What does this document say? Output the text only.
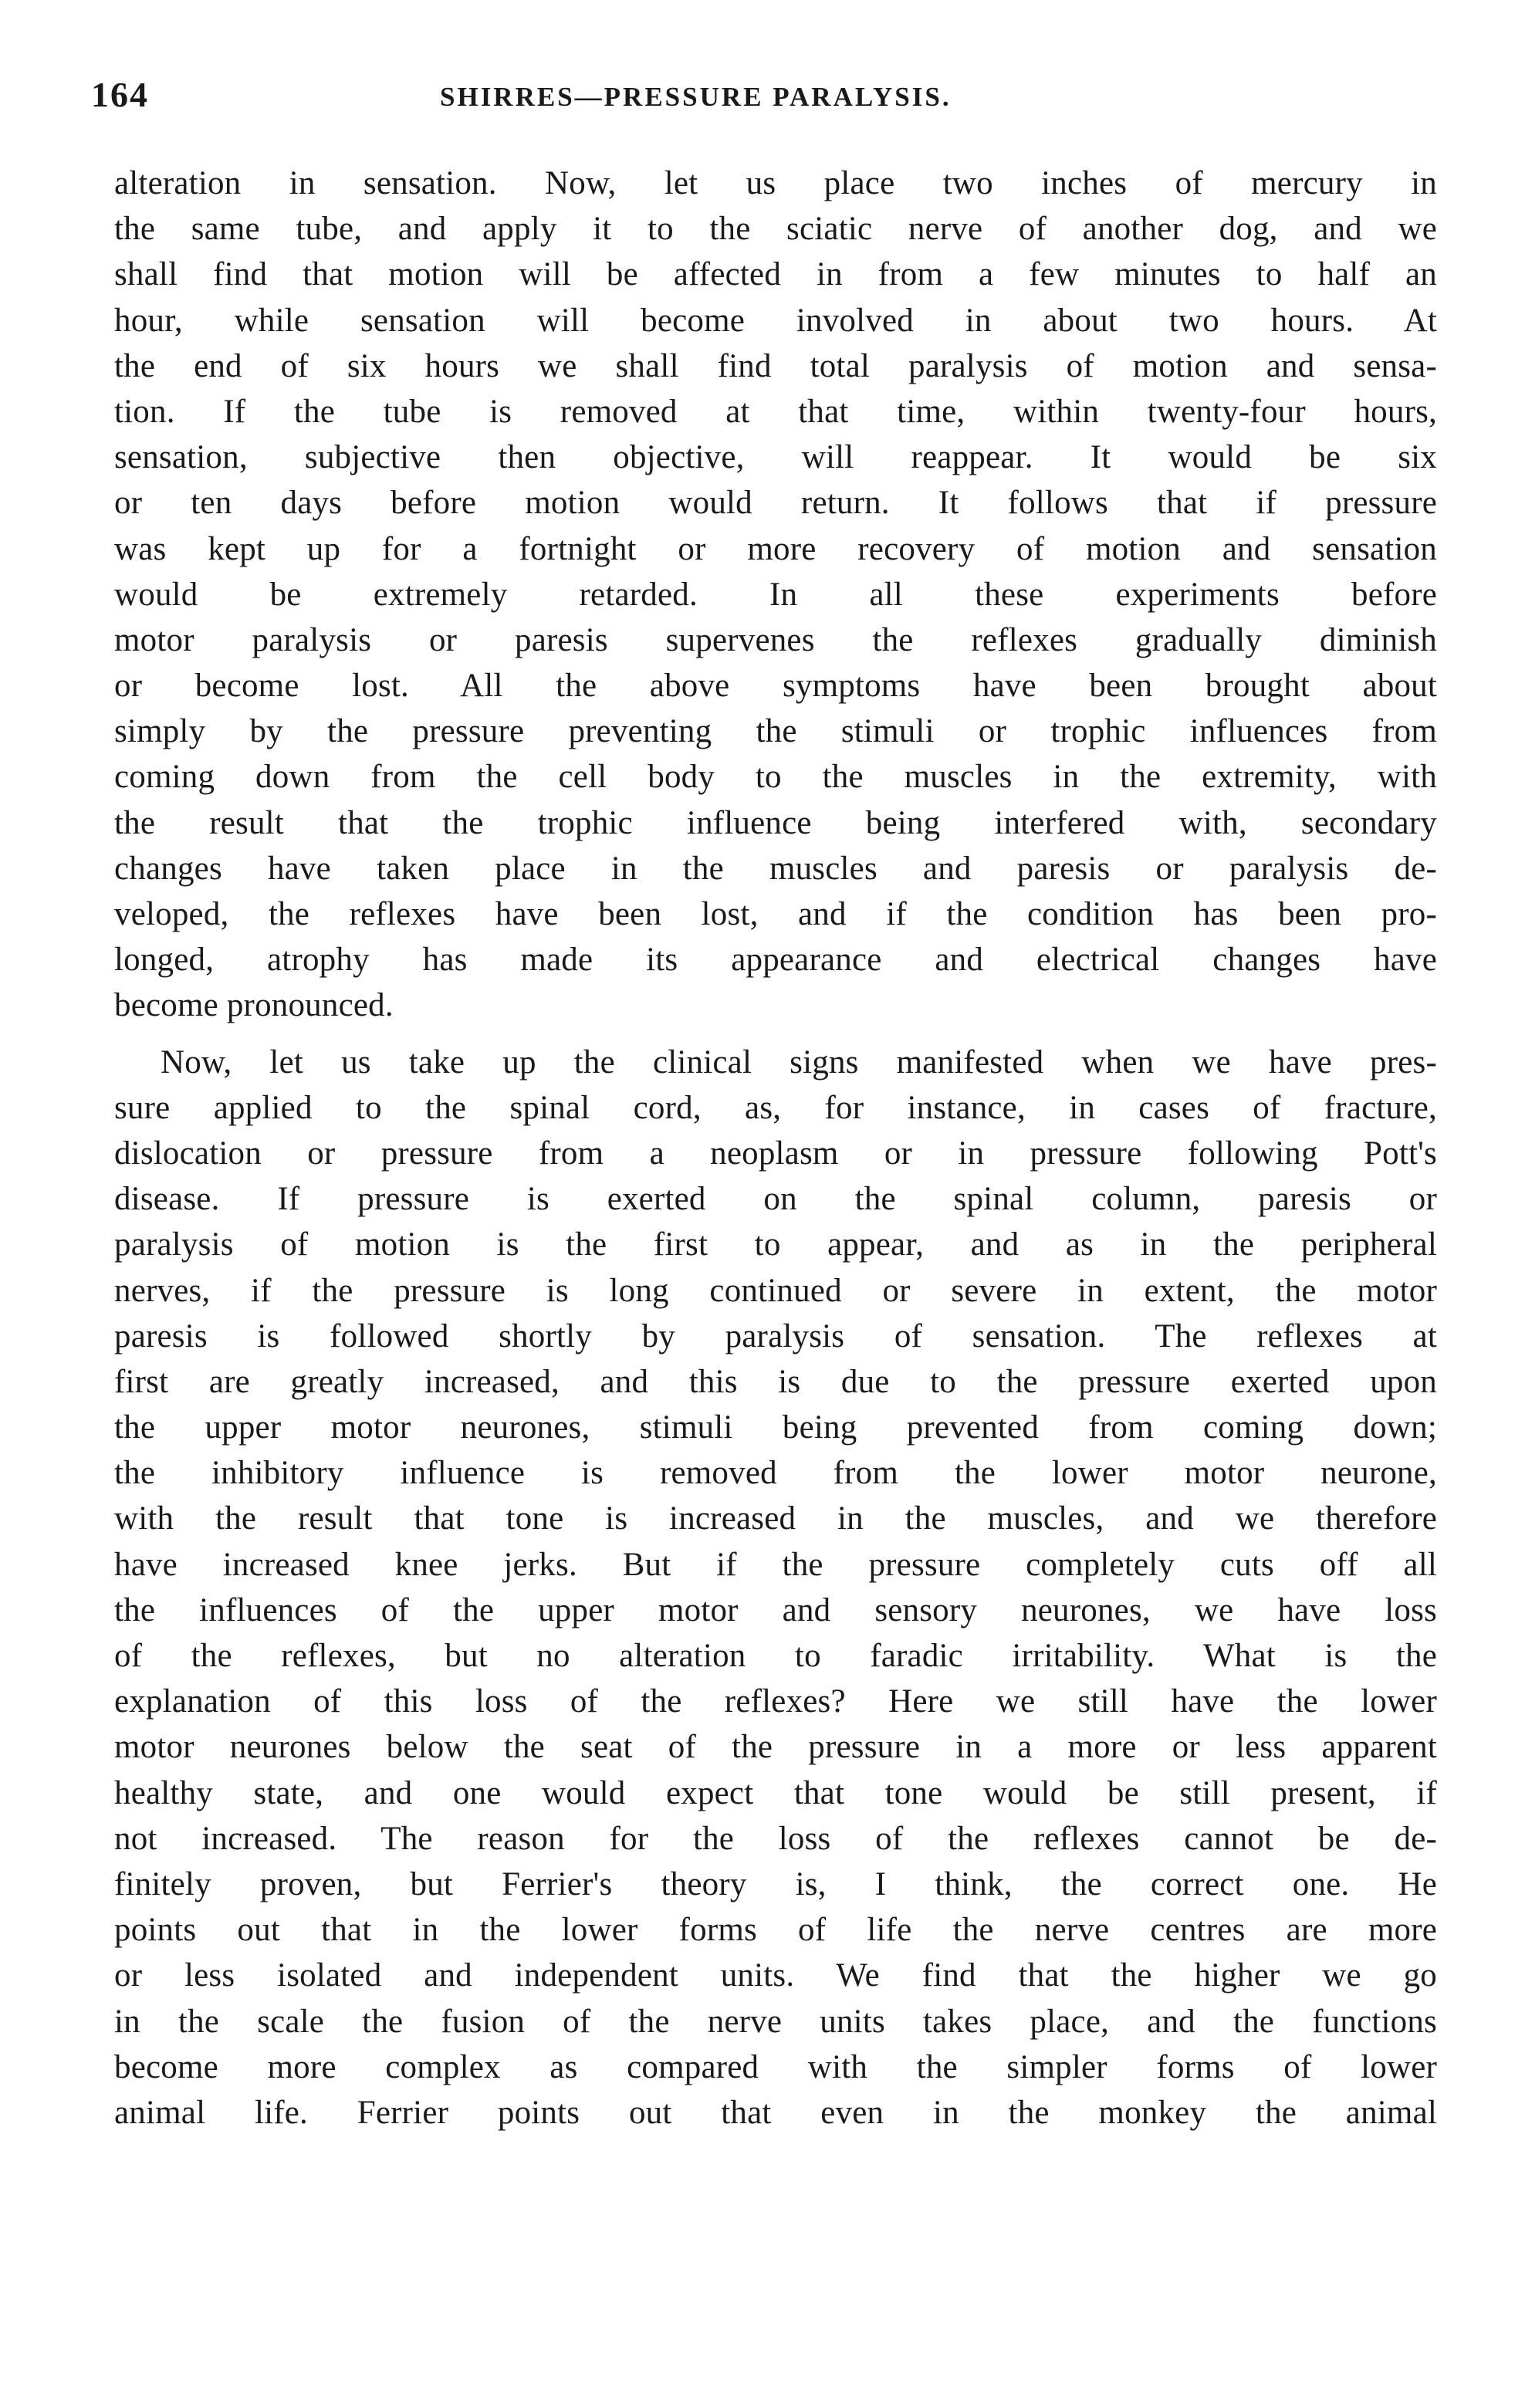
164	SHIRRES—PRESSURE PARALYSIS.
alteration in sensation. Now, let us place two inches of mercury in
the same tube, and apply it to the sciatic nerve of another dog, and we
shall find that motion will be affected in from a few minutes to half an
hour, while sensation will become involved in about two hours. At
the end of six hours we shall find total paralysis of motion and sensa-
tion. If the tube is removed at that time, within twenty-four hours,
sensation, subjective then objective, will reappear. It would be six
or ten days before motion would return. It follows that if pressure
was kept up for a fortnight or more recovery of motion and sensation
would be extremely retarded. In all these experiments before
motor paralysis or paresis supervenes the reflexes gradually diminish
or become lost. All the above symptoms have been brought about
simply by the pressure preventing the stimuli or trophic influences from
coming down from the cell body to the muscles in the extremity, with
the result that the trophic influence being interfered with, secondary
changes have taken place in the muscles and paresis or paralysis de-
veloped, the reflexes have been lost, and if the condition has been pro-
longed, atrophy has made its appearance and electrical changes have
become pronounced.
Now, let us take up the clinical signs manifested when we have pres-
sure applied to the spinal cord, as, for instance, in cases of fracture,
dislocation or pressure from a neoplasm or in pressure following Pott's
disease. If pressure is exerted on the spinal column, paresis or
paralysis of motion is the first to appear, and as in the peripheral
nerves, if the pressure is long continued or severe in extent, the motor
paresis is followed shortly by paralysis of sensation. The reflexes at
first are greatly increased, and this is due to the pressure exerted upon
the upper motor neurones, stimuli being prevented from coming down;
the inhibitory influence is removed from the lower motor neurone,
with the result that tone is increased in the muscles, and we therefore
have increased knee jerks. But if the pressure completely cuts off all
the influences of the upper motor and sensory neurones, we have loss
of the reflexes, but no alteration to faradic irritability. What is the
explanation of this loss of the reflexes? Here we still have the lower
motor neurones below the seat of the pressure in a more or less apparent
healthy state, and one would expect that tone would be still present, if
not increased. The reason for the loss of the reflexes cannot be de-
finitely proven, but Ferrier's theory is, I think, the correct one. He
points out that in the lower forms of life the nerve centres are more
or less isolated and independent units. We find that the higher we go
in the scale the fusion of the nerve units takes place, and the functions
become more complex as compared with the simpler forms of lower
animal life. Ferrier points out that even in the monkey the animal
